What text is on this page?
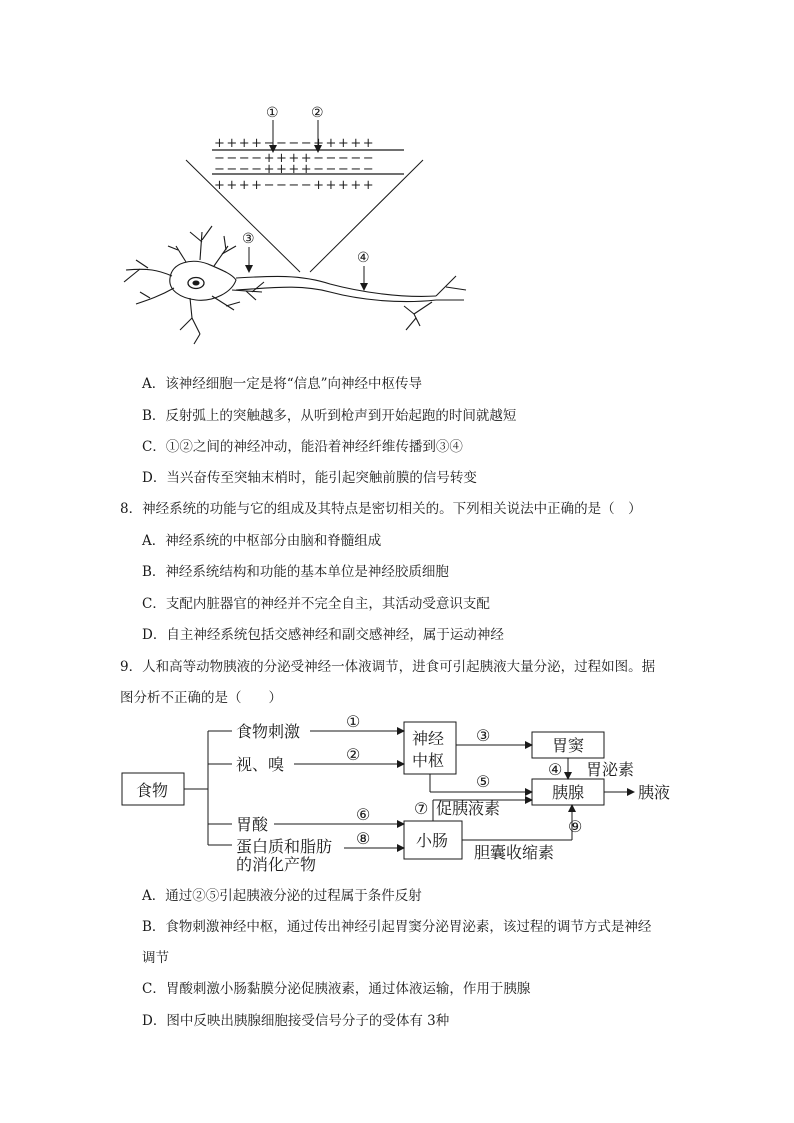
① ②
++++−−−−+++++
−−−−++++−−−−−
−−−−++++−−−−−
++++−−−−+++++
③
④
A．该神经细胞一定是将“信息”向神经中枢传导
B．反射弧上的突触越多，从听到枪声到开始起跑的时间就越短
C．①②之间的神经冲动，能沿着神经纤维传播到③④
D．当兴奋传至突轴末梢时，能引起突触前膜的信号转变
8．神经系统的功能与它的组成及其特点是密切相关的。下列相关说法中正确的是（　）
A．神经系统的中枢部分由脑和脊髓组成
B．神经系统结构和功能的基本单位是神经胶质细胞
C．支配内脏器官的神经并不完全自主，其活动受意识支配
D．自主神经系统包括交感神经和副交感神经，属于运动神经
9．人和高等动物胰液的分泌受神经一体液调节，进食可引起胰液大量分泌，过程如图。据
图分析不正确的是（　　）
食物
食物刺激
视、嗅
胃酸
蛋白质和脂肪
的消化产物
神经
中枢
胃窦
胰腺	胰液
小肠
胃泌素
促胰液素
胆囊收缩素
①
②
③
④
⑤
⑥	⑦
⑧
⑨
A．通过②⑤引起胰液分泌的过程属于条件反射
B．食物刺激神经中枢，通过传出神经引起胃窦分泌胃泌素，该过程的调节方式是神经
调节
C．胃酸刺激小肠黏膜分泌促胰液素，通过体液运输，作用于胰腺
D．图中反映出胰腺细胞接受信号分子的受体有 3种
